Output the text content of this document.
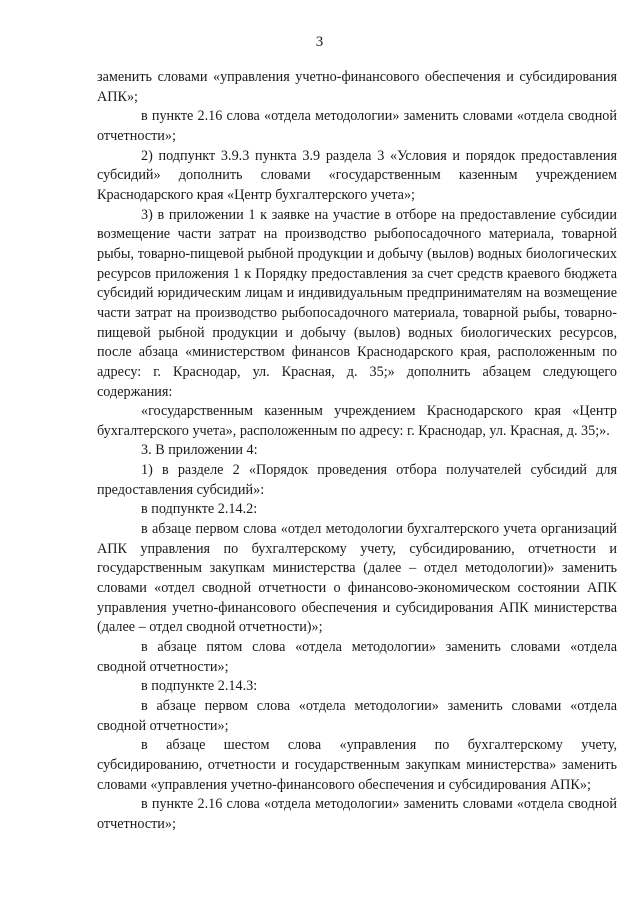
3

заменить словами «управления учетно-финансового обеспечения и субсидирования АПК»;

в пункте 2.16 слова «отдела методологии» заменить словами «отдела сводной отчетности»;

2) подпункт 3.9.3 пункта 3.9 раздела 3 «Условия и порядок предоставления субсидий» дополнить словами «государственным казенным учреждением Краснодарского края «Центр бухгалтерского учета»;

3) в приложении 1 к заявке на участие в отборе на предоставление субсидии возмещение части затрат на производство рыбопосадочного материала, товарной рыбы, товарно-пищевой рыбной продукции и добычу (вылов) водных биологических ресурсов приложения 1 к Порядку предоставления за счет средств краевого бюджета субсидий юридическим лицам и индивидуальным предпринимателям на возмещение части затрат на производство рыбопосадочного материала, товарной рыбы, товарно-пищевой рыбной продукции и добычу (вылов) водных биологических ресурсов, после абзаца «министерством финансов Краснодарского края, расположенным по адресу: г. Краснодар, ул. Красная, д. 35;» дополнить абзацем следующего содержания:

«государственным казенным учреждением Краснодарского края «Центр бухгалтерского учета», расположенным по адресу: г. Краснодар, ул. Красная, д. 35;».

3. В приложении 4:

1) в разделе 2 «Порядок проведения отбора получателей субсидий для предоставления субсидий»:

в подпункте 2.14.2:

в абзаце первом слова «отдел методологии бухгалтерского учета организаций АПК управления по бухгалтерскому учету, субсидированию, отчетности и государственным закупкам министерства (далее – отдел методологии)» заменить словами «отдел сводной отчетности о финансово-экономическом состоянии АПК управления учетно-финансового обеспечения и субсидирования АПК министерства (далее – отдел сводной отчетности)»;

в абзаце пятом слова «отдела методологии» заменить словами «отдела сводной отчетности»;

в подпункте 2.14.3:

в абзаце первом слова «отдела методологии» заменить словами «отдела сводной отчетности»;

в абзаце шестом слова «управления по бухгалтерскому учету, субсидированию, отчетности и государственным закупкам министерства» заменить словами «управления учетно-финансового обеспечения и субсидирования АПК»;

в пункте 2.16 слова «отдела методологии» заменить словами «отдела сводной отчетности»;
